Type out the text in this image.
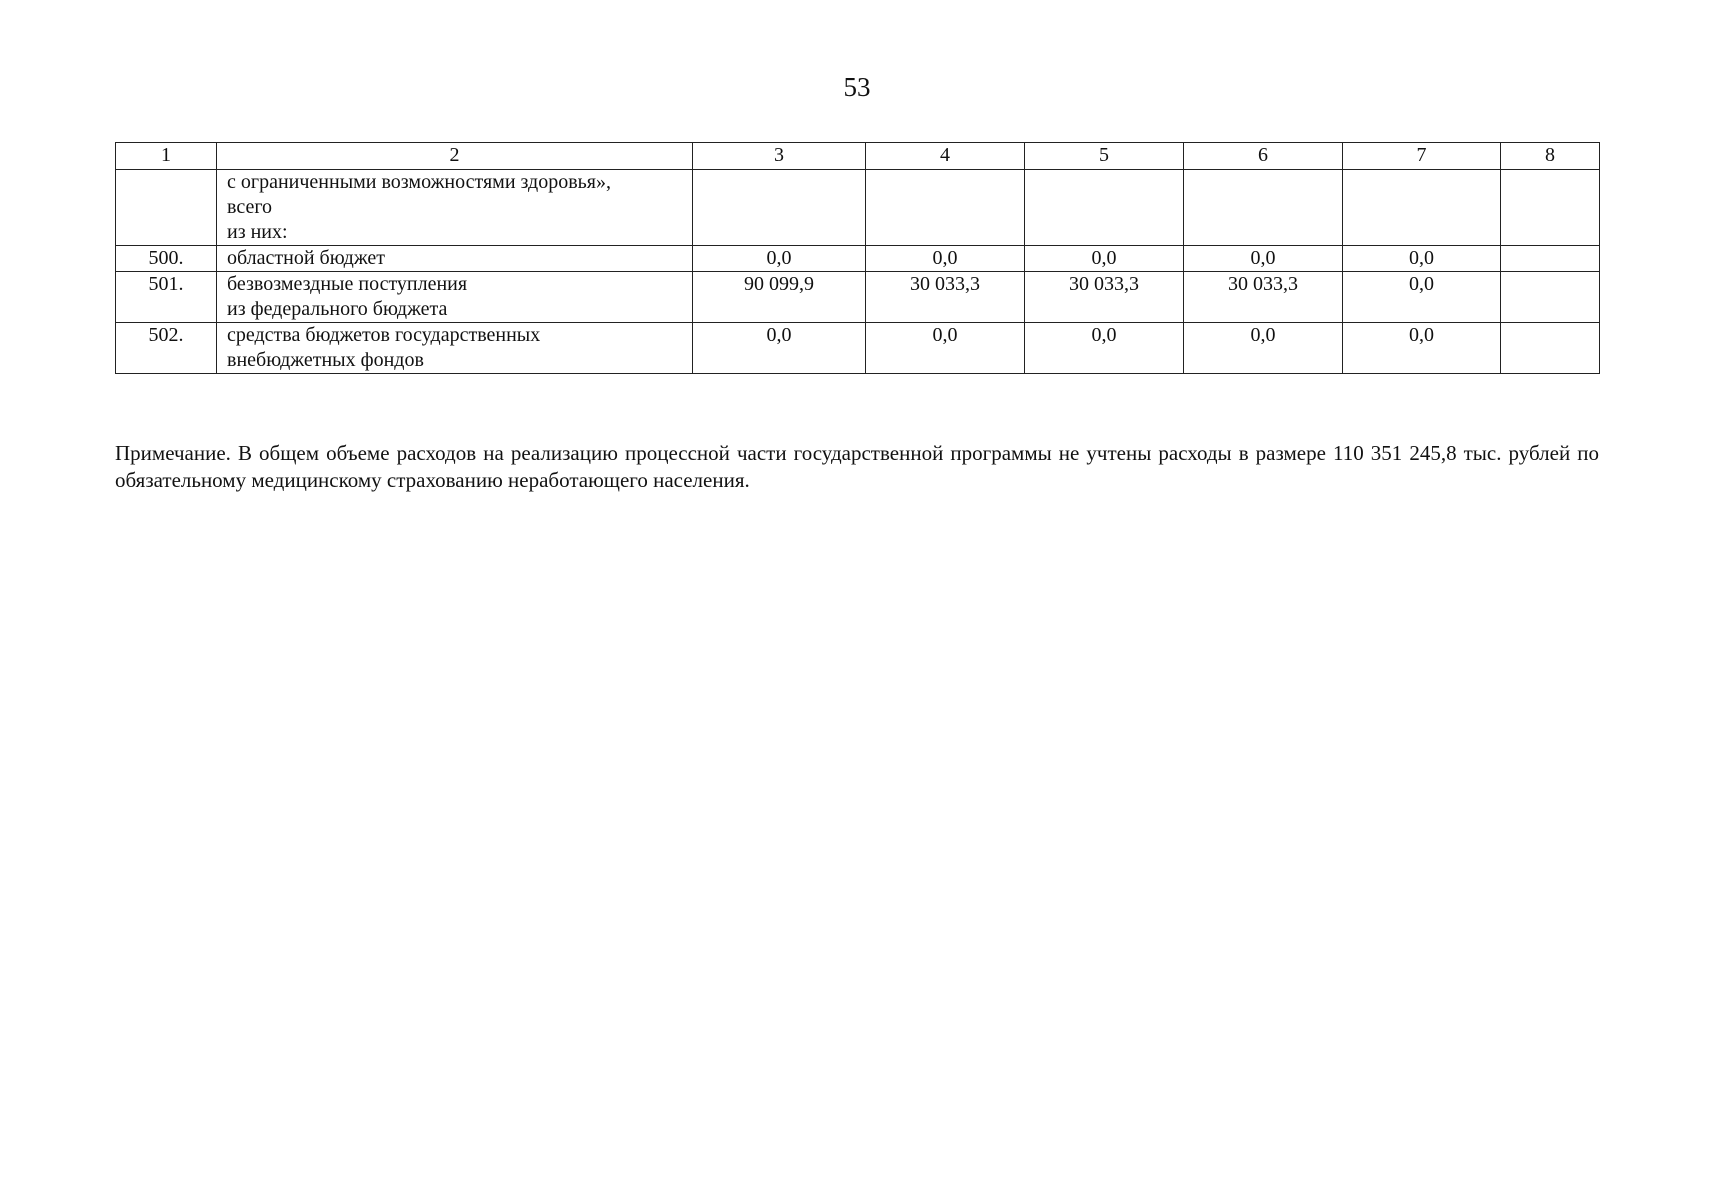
53
1	2	3	4	5	6	7	8

	с ограниченными возможностями здоровья»,
всего
из них:						

500.	областной бюджет	0,0	0,0	0,0	0,0	0,0	
501.	безвозмездные поступления
из федерального бюджета	90 099,9	30 033,3	30 033,3	30 033,3	0,0	
502.	средства бюджетов государственных
внебюджетных фондов	0,0	0,0	0,0	0,0	0,0	
Примечание. В общем объеме расходов на реализацию процессной части государственной программы не учтены расходы в размере 110 351 245,8 тыс. рублей по обязательному медицинскому страхованию неработающего населения.
